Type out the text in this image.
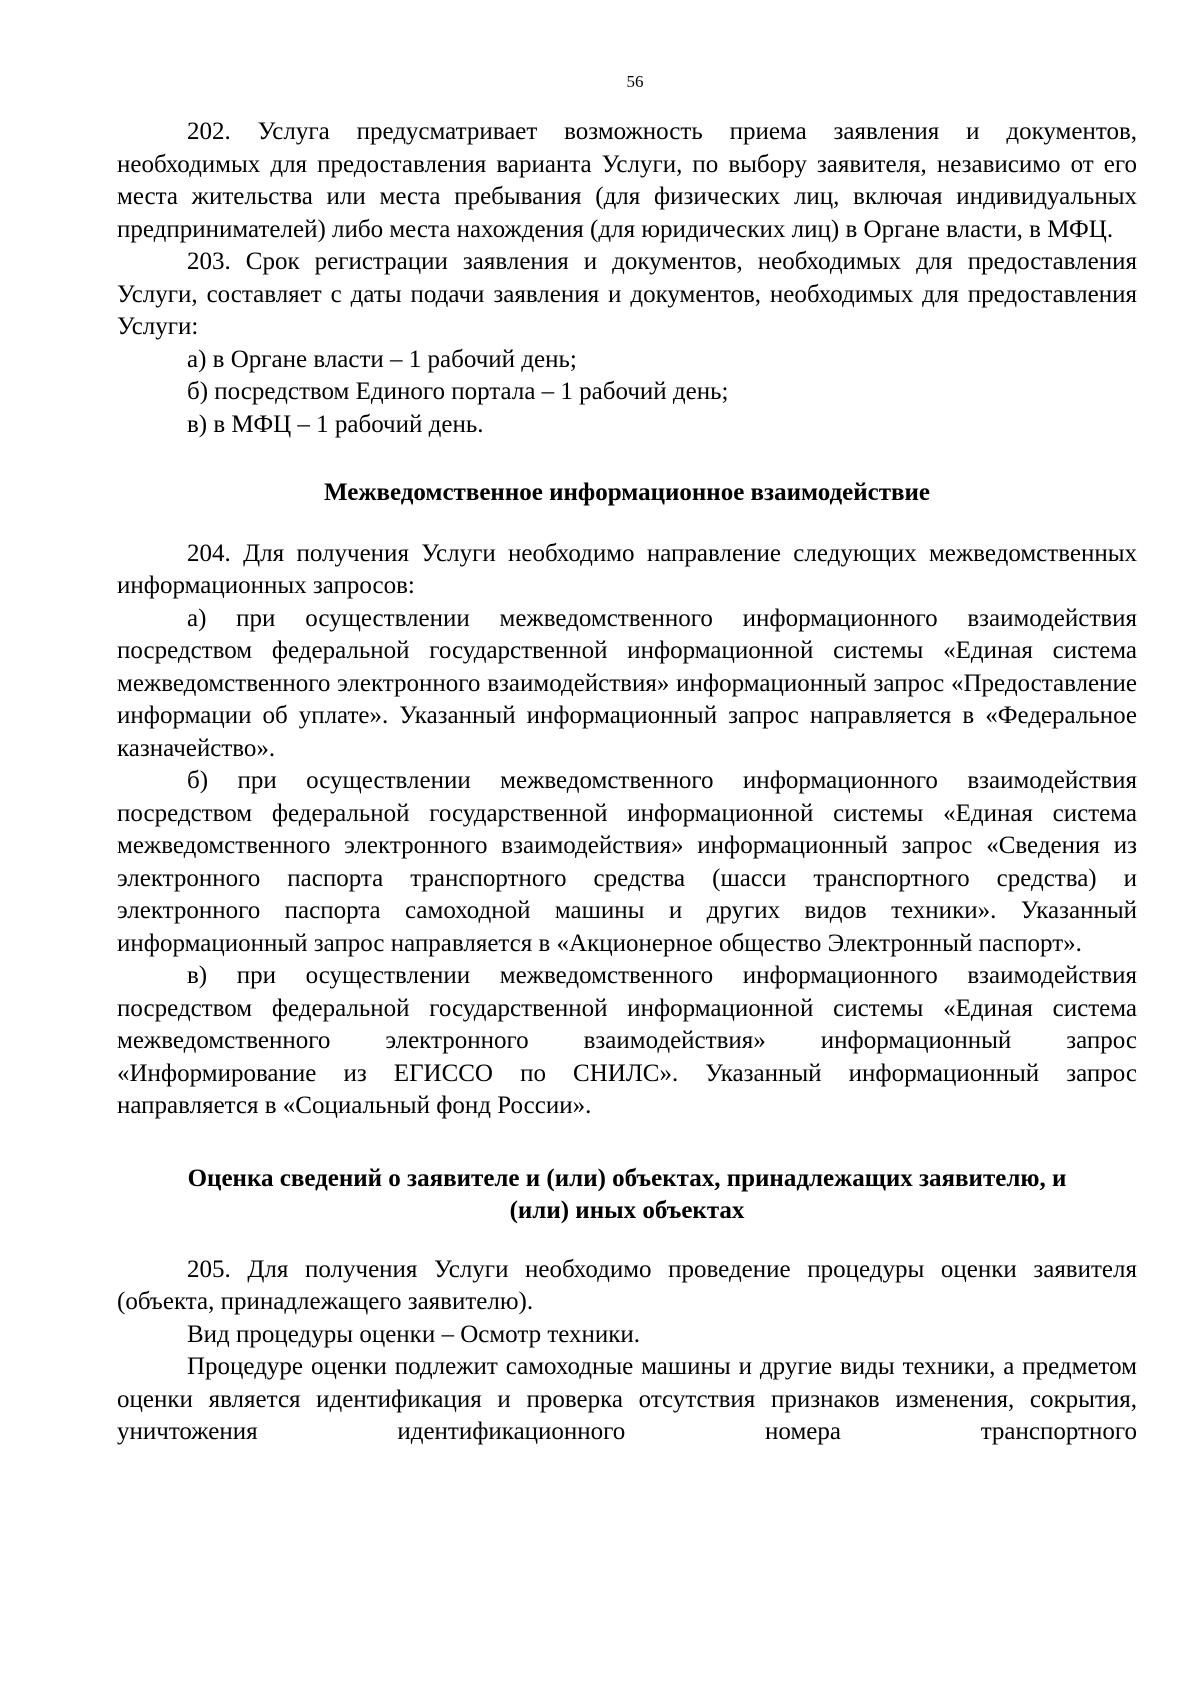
56

202. Услуга предусматривает возможность приема заявления и документов, необходимых для предоставления варианта Услуги, по выбору заявителя, независимо от его места жительства или места пребывания (для физических лиц, включая индивидуальных предпринимателей) либо места нахождения (для юридических лиц) в Органе власти, в МФЦ.

203. Срок регистрации заявления и документов, необходимых для предоставления Услуги, составляет с даты подачи заявления и документов, необходимых для предоставления Услуги:

а) в Органе власти – 1 рабочий день;

б) посредством Единого портала – 1 рабочий день;

в) в МФЦ – 1 рабочий день.

Межведомственное информационное взаимодействие

204. Для получения Услуги необходимо направление следующих межведомственных информационных запросов:

а) при осуществлении межведомственного информационного взаимодействия посредством федеральной государственной информационной системы «Единая система межведомственного электронного взаимодействия» информационный запрос «Предоставление информации об уплате». Указанный информационный запрос направляется в «Федеральное казначейство».

б) при осуществлении межведомственного информационного взаимодействия посредством федеральной государственной информационной системы «Единая система межведомственного электронного взаимодействия» информационный запрос «Сведения из электронного паспорта транспортного средства (шасси транспортного средства) и электронного паспорта самоходной машины и других видов техники». Указанный информационный запрос направляется в «Акционерное общество Электронный паспорт».

в) при осуществлении межведомственного информационного взаимодействия посредством федеральной государственной информационной системы «Единая система межведомственного электронного взаимодействия» информационный запрос «Информирование из ЕГИССО по СНИЛС». Указанный информационный запрос направляется в «Социальный фонд России».

Оценка сведений о заявителе и (или) объектах, принадлежащих заявителю, и

(или) иных объектах

205. Для получения Услуги необходимо проведение процедуры оценки заявителя (объекта, принадлежащего заявителю).

Вид процедуры оценки – Осмотр техники.

Процедуре оценки подлежит самоходные машины и другие виды техники, а предметом оценки является идентификация и проверка отсутствия признаков изменения, сокрытия, уничтожения идентификационного номера транспортного
